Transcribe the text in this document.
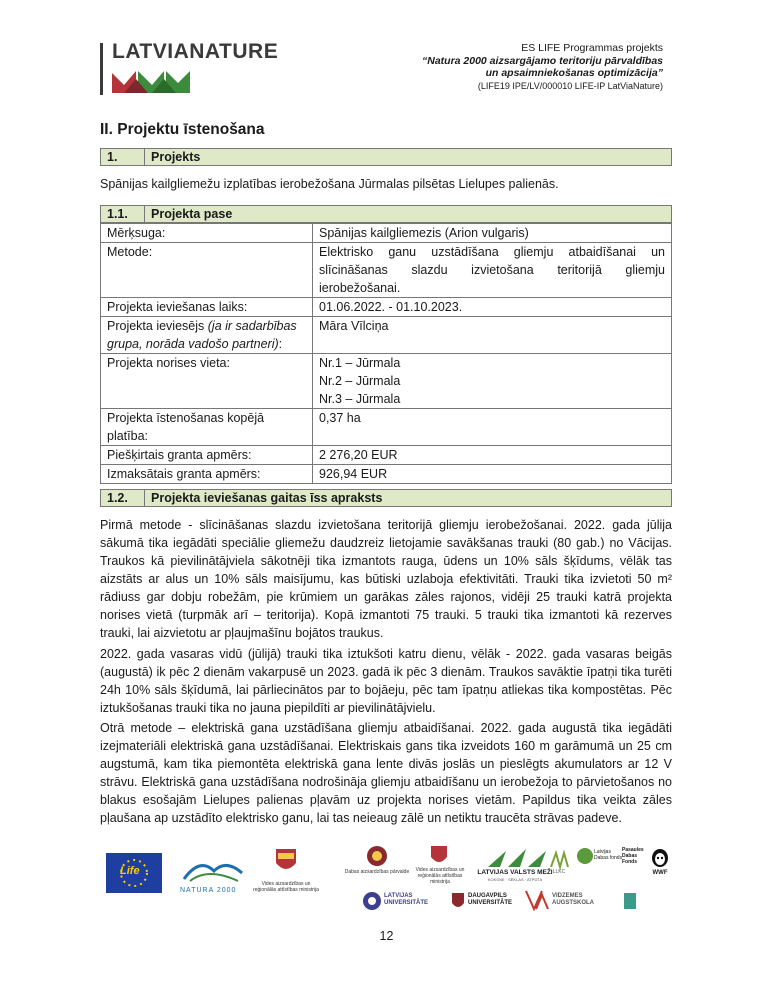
LATVIANATURE	ES LIFE Programmas projekts
“Natura 2000 aizsargājamo teritoriju pārvaldības
un apsaimniekošanas optimizācija”
(LIFE19 IPE/LV/000010 LIFE-IP LatViaNature)
II. Projektu īstenošana
1.	Projekts
Spānijas kailgliemežu izplatības ierobežošana Jūrmalas pilsētas Lielupes palienās.
1.1. Projekta pase
Mērķsuga:	Spānijas kailgliemezis (Arion vulgaris)
Metode:	Elektrisko ganu uzstādīšana gliemju atbaidīšanai un slīcināšanas slazdu izvietošana teritorijā gliemju ierobežošanai.
Projekta ieviešanas laiks:	01.06.2022. - 01.10.2023.
Projekta ieviesējs (ja ir sadarbības grupa, norāda vadošo partneri):	Māra Vīlciņa
Projekta norises vieta:	Nr.1 – Jūrmala
Nr.2 – Jūrmala
Nr.3 – Jūrmala

Projekta īstenošanas kopējā platība:	0,37 ha
Piešķirtais granta apmērs:	2 276,20 EUR
Izmaksātais granta apmērs:	926,94 EUR
1.2. Projekta ieviešanas gaitas īss apraksts
Pirmā metode - slīcināšanas slazdu izvietošana teritorijā gliemju ierobežošanai. 2022. gada jūlija sākumā tika iegādāti speciālie gliemežu daudzreiz lietojamie savākšanas trauki (80 gab.) no Vācijas. Traukos kā pievilinātājviela sākotnēji tika izmantots rauga, ūdens un 10% sāls šķīdums, vēlāk tas aizstāts ar alus un 10% sāls maisījumu, kas būtiski uzlaboja efektivitāti. Trauki tika izvietoti 50 m² rādiuss gar dobju robežām, pie krūmiem un garākas zāles rajonos, vidēji 25 trauki katrā projekta norises vietā (turpmāk arī – teritorija). Kopā izmantoti 75 trauki. 5 trauki tika izmantoti kā rezerves trauki, lai aizvietotu ar pļaujmašīnu bojātos traukus.
2022. gada vasaras vidū (jūlijā) trauki tika iztukšoti katru dienu, vēlāk - 2022. gada vasaras beigās (augustā) ik pēc 2 dienām vakarpusē un 2023. gadā ik pēc 3 dienām. Traukos savāktie īpatņi tika turēti 24h 10% sāls šķīdumā, lai pārliecinātos par to bojāeju, pēc tam īpatņu atliekas tika kompostētas. Pēc iztukšošanas trauki tika no jauna piepildīti ar pievilinātājvielu.
Otrā metode – elektriskā gana uzstādīšana gliemju atbaidīšanai. 2022. gada augustā tika iegādāti izejmateriāli elektriskā gana uzstādīšanai. Elektriskais gans tika izveidots 160 m garāmumā un 25 cm augstumā, kam tika piemontēta elektriskā gana lente divās joslās un pieslēgts akumulators ar 12 V strāvu. Elektriskā gana uzstādīšana nodrošināja gliemju atbaidīšanu un ierobežoja to pārvietošanos no blakus esošajām Lielupes palienas pļavām uz projekta norises vietām. Papildus tika veikta zāles pļaušana ap uzstādīto elektrisko ganu, lai tas neieaug zālē un netiktu traucēta strāvas padeve.
Life
NATURA 2000
Vides aizsardzības un reģionālās attīstības ministrija
Dabas aizsardzības pārvalde	Vides aizsardzības un reģionālās attīstības ministrija
LATVIJAS VALSTS MEŽI
KOKSNE · SĒKLAS · ATPŪTA
LLKC
Latvijas Dabas fonds
Pasaules Dabas Fonds
WWF
LATVIJAS UNIVERSITĀTE
DAUGAVPILS UNIVERSITĀTE
VIDZEMES AUGSTSKOLA
12
